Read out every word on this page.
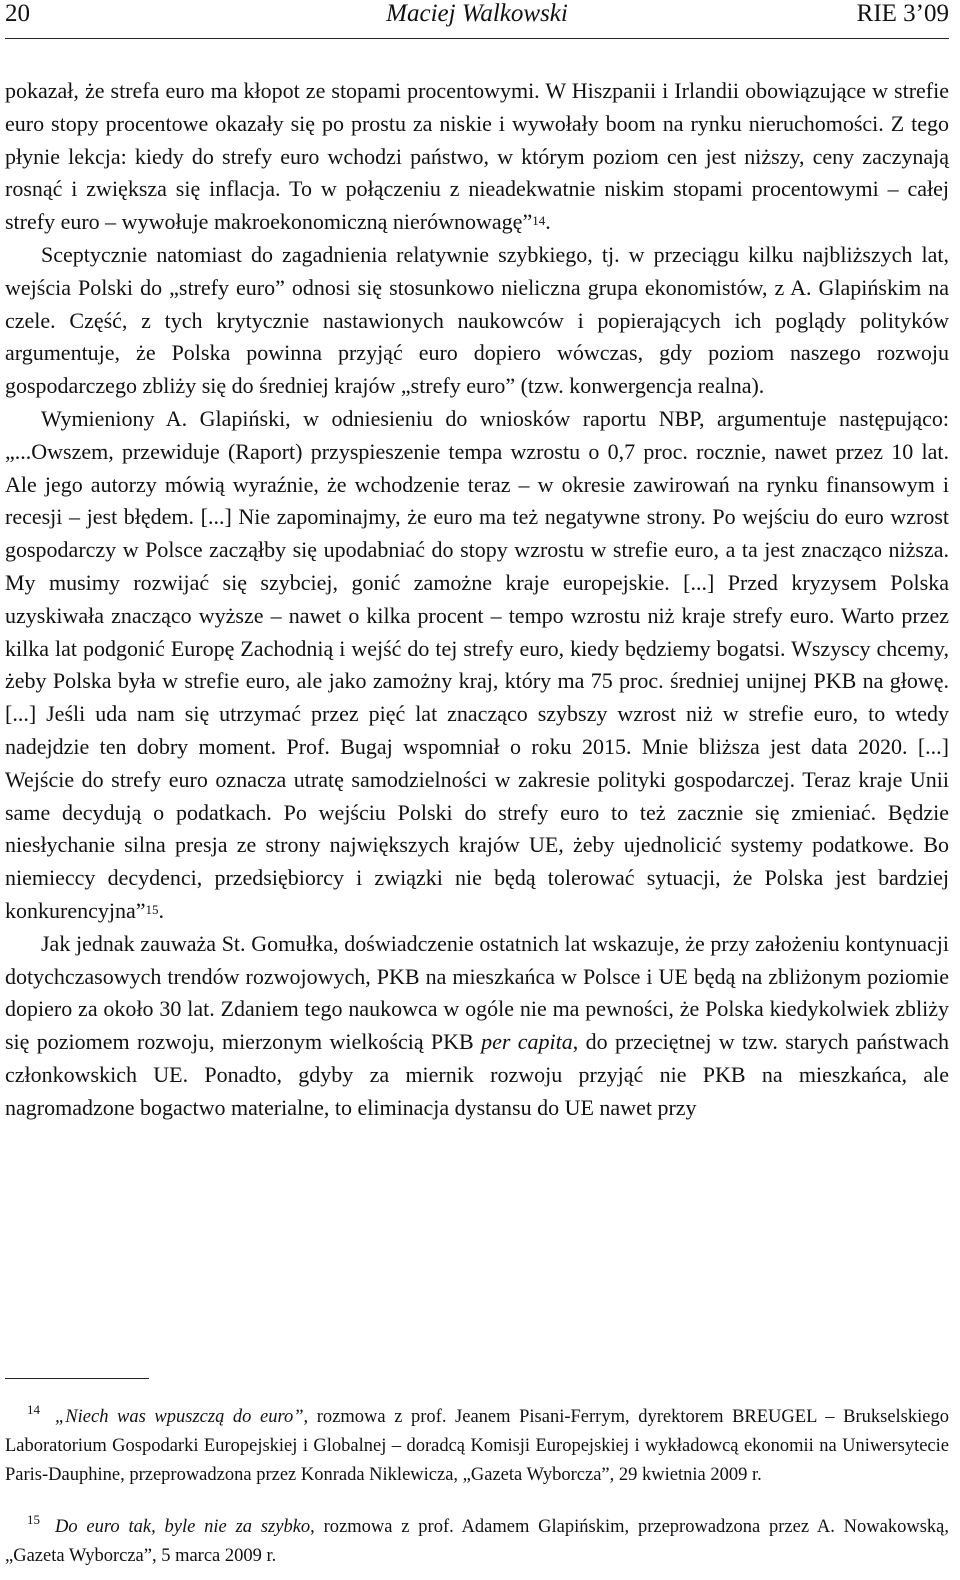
20	Maciej Walkowski	RIE 3’09

pokazał, że strefa euro ma kłopot ze stopami procentowymi. W Hiszpanii i Irlandii obowiązujące w strefie euro stopy procentowe okazały się po prostu za niskie i wywołały boom na rynku nieruchomości. Z tego płynie lekcja: kiedy do strefy euro wchodzi państwo, w którym poziom cen jest niższy, ceny zaczynają rosnąć i zwiększa się inflacja. To w połączeniu z nieadekwatnie niskim stopami procentowymi – całej strefy euro – wywołuje makroekonomiczną nierównowagę”$^{14}$.

Sceptycznie natomiast do zagadnienia relatywnie szybkiego, tj. w przeciągu kilku najbliższych lat, wejścia Polski do „strefy euro” odnosi się stosunkowo nieliczna grupa ekonomistów, z A. Glapińskim na czele. Część, z tych krytycznie nastawionych naukowców i popierających ich poglądy polityków argumentuje, że Polska powinna przyjąć euro dopiero wówczas, gdy poziom naszego rozwoju gospodarczego zbliży się do średniej krajów „strefy euro” (tzw. konwergencja realna).

Wymieniony A. Glapiński, w odniesieniu do wniosków raportu NBP, argumentuje następująco: „...Owszem, przewiduje (Raport) przyspieszenie tempa wzrostu o 0,7 proc. rocznie, nawet przez 10 lat. Ale jego autorzy mówią wyraźnie, że wchodzenie teraz – w okresie zawirowań na rynku finansowym i recesji – jest błędem. [...] Nie zapominajmy, że euro ma też negatywne strony. Po wejściu do euro wzrost gospodarczy w Polsce zacząłby się upodabniać do stopy wzrostu w strefie euro, a ta jest znacząco niższa. My musimy rozwijać się szybciej, gonić zamożne kraje europejskie. [...] Przed kryzysem Polska uzyskiwała znacząco wyższe – nawet o kilka procent – tempo wzrostu niż kraje strefy euro. Warto przez kilka lat podgonić Europę Zachodnią i wejść do tej strefy euro, kiedy będziemy bogatsi. Wszyscy chcemy, żeby Polska była w strefie euro, ale jako zamożny kraj, który ma 75 proc. średniej unijnej PKB na głowę. [...] Jeśli uda nam się utrzymać przez pięć lat znacząco szybszy wzrost niż w strefie euro, to wtedy nadejdzie ten dobry moment. Prof. Bugaj wspomniał o roku 2015. Mnie bliższa jest data 2020. [...] Wejście do strefy euro oznacza utratę samodzielności w zakresie polityki gospodarczej. Teraz kraje Unii same decydują o podatkach. Po wejściu Polski do strefy euro to też zacznie się zmieniać. Będzie niesłychanie silna presja ze strony największych krajów UE, żeby ujednolicić systemy podatkowe. Bo niemieccy decydenci, przedsiębiorcy i związki nie będą tolerować sytuacji, że Polska jest bardziej konkurencyjna”$^{15}$.

Jak jednak zauważa St. Gomułka, doświadczenie ostatnich lat wskazuje, że przy założeniu kontynuacji dotychczasowych trendów rozwojowych, PKB na mieszkańca w Polsce i UE będą na zbliżonym poziomie dopiero za około 30 lat. Zdaniem tego naukowca w ogóle nie ma pewności, że Polska kiedykolwiek zbliży się poziomem rozwoju, mierzonym wielkością PKB per capita, do przeciętnej w tzw. starych państwach członkowskich UE. Ponadto, gdyby za miernik rozwoju przyjąć nie PKB na mieszkańca, ale nagromadzone bogactwo materialne, to eliminacja dystansu do UE nawet przy

14 „Niech was wpuszczą do euro”, rozmowa z prof. Jeanem Pisani-Ferrym, dyrektorem BREUGEL – Brukselskiego Laboratorium Gospodarki Europejskiej i Globalnej – doradcą Komisji Europejskiej i wykładowcą ekonomii na Uniwersytecie Paris-Dauphine, przeprowadzona przez Konrada Niklewicza, „Gazeta Wyborcza”, 29 kwietnia 2009 r.
15 Do euro tak, byle nie za szybko, rozmowa z prof. Adamem Glapińskim, przeprowadzona przez A. Nowakowską, „Gazeta Wyborcza”, 5 marca 2009 r.
